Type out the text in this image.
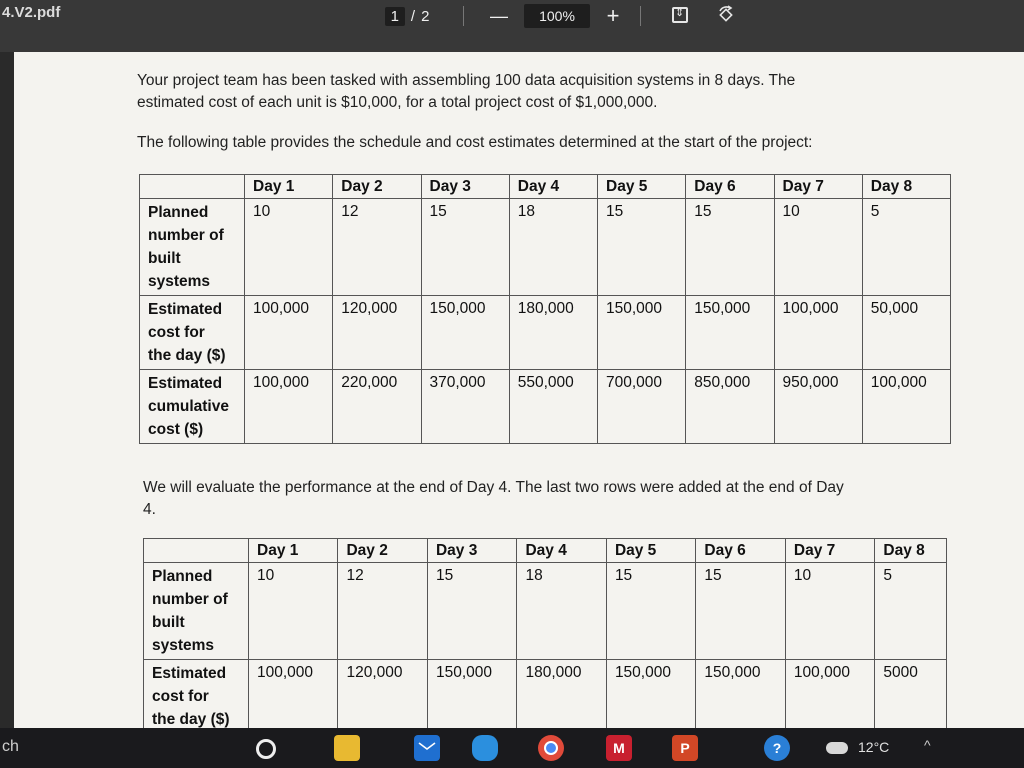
4.V2.pdf	1 / 2	—	100%	+
⇕
Your project team has been tasked with assembling 100 data acquisition systems in 8 days. The
estimated cost of each unit is $10,000, for a total project cost of $1,000,000.
The following table provides the schedule and cost estimates determined at the start of the project:
	Day 1	Day 2	Day 3	Day 4	Day 5	Day 6	Day 7	Day 8

Planned
number of
built
systems	10	12	15	18	15	15	10	5

Estimated
cost for
the day ($)	100,000	120,000	150,000	180,000	150,000	150,000	100,000	50,000

Estimated
cumulative
cost ($)	100,000	220,000	370,000	550,000	700,000	850,000	950,000	100,000
We will evaluate the performance at the end of Day 4. The last two rows were added at the end of Day
4.
	Day 1	Day 2	Day 3	Day 4	Day 5	Day 6	Day 7	Day 8

Planned
number of
built
systems	10	12	15	18	15	15	10	5

Estimated
cost for
the day ($)	100,000	120,000	150,000	180,000	150,000	150,000	100,000	5000
ch	M	P	?	12°C ^
